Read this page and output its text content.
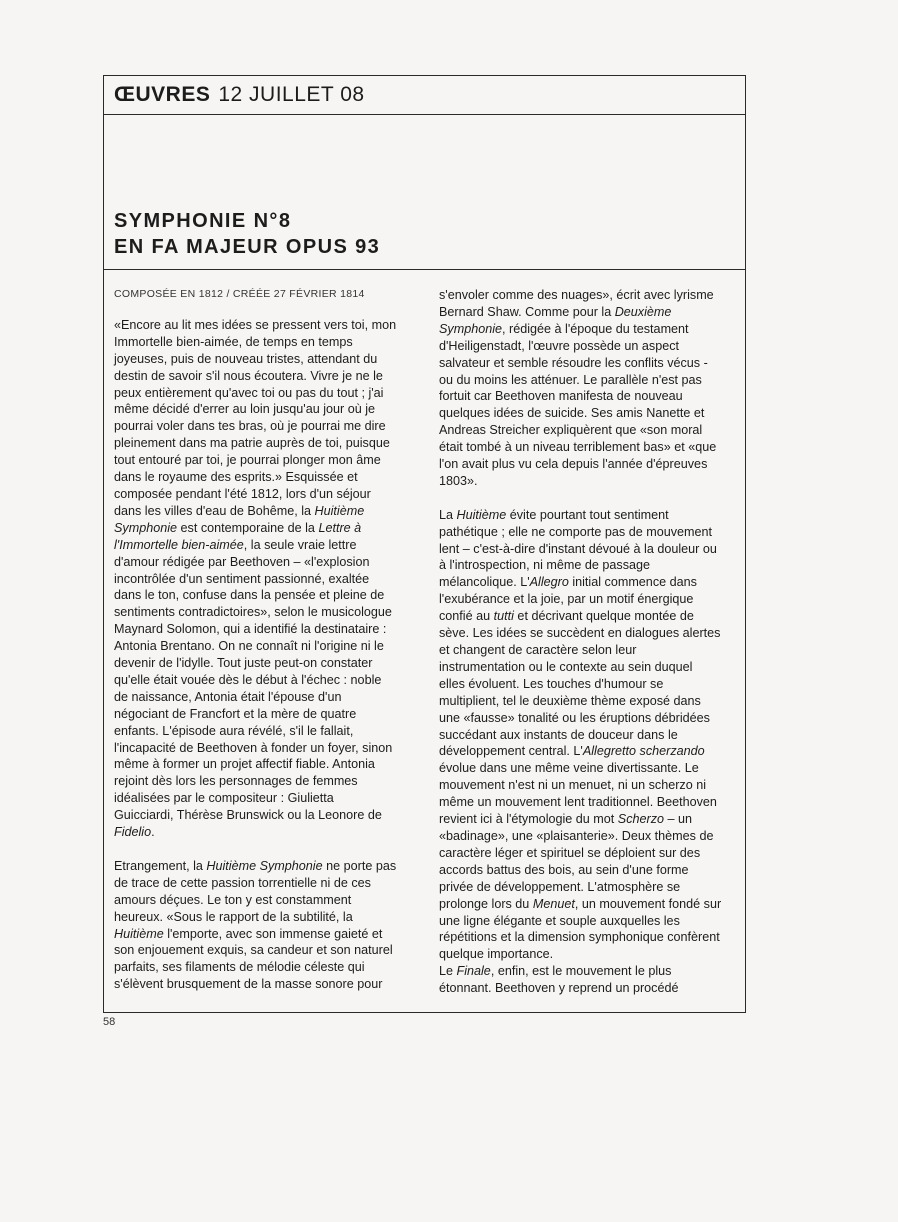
ŒUVRES 12 JUILLET 08
SYMPHONIE N°8
EN FA MAJEUR OPUS 93

COMPOSÉE EN 1812 / CRÉÉE 27 FÉVRIER 1814

«Encore au lit mes idées se pressent vers toi, mon

Immortelle bien-aimée, de temps en temps

joyeuses, puis de nouveau tristes, attendant du

destin de savoir s'il nous écoutera. Vivre je ne le

peux entièrement qu'avec toi ou pas du tout ; j'ai

même décidé d'errer au loin jusqu'au jour où je

pourrai voler dans tes bras, où je pourrai me dire

pleinement dans ma patrie auprès de toi, puisque

tout entouré par toi, je pourrai plonger mon âme

dans le royaume des esprits.» Esquissée et

composée pendant l'été 1812, lors d'un séjour

dans les villes d'eau de Bohême, la Huitième

Symphonie est contemporaine de la Lettre à

l'Immortelle bien-aimée, la seule vraie lettre

d'amour rédigée par Beethoven – «l'explosion

incontrôlée d'un sentiment passionné, exaltée

dans le ton, confuse dans la pensée et pleine de

sentiments contradictoires», selon le musicologue

Maynard Solomon, qui a identifié la destinataire :

Antonia Brentano. On ne connaît ni l'origine ni le

devenir de l'idylle. Tout juste peut-on constater

qu'elle était vouée dès le début à l'échec : noble

de naissance, Antonia était l'épouse d'un

négociant de Francfort et la mère de quatre

enfants. L'épisode aura révélé, s'il le fallait,

l'incapacité de Beethoven à fonder un foyer, sinon

même à former un projet affectif fiable. Antonia

rejoint dès lors les personnages de femmes

idéalisées par le compositeur : Giulietta

Guicciardi, Thérèse Brunswick ou la Leonore de

Fidelio.

Etrangement, la Huitième Symphonie ne porte pas

de trace de cette passion torrentielle ni de ces

amours déçues. Le ton y est constamment

heureux. «Sous le rapport de la subtilité, la

Huitième l'emporte, avec son immense gaieté et

son enjouement exquis, sa candeur et son naturel

parfaits, ses filaments de mélodie céleste qui

s'élèvent brusquement de la masse sonore pour

s'envoler comme des nuages», écrit avec lyrisme

Bernard Shaw. Comme pour la Deuxième

Symphonie, rédigée à l'époque du testament

d'Heiligenstadt, l'œuvre possède un aspect

salvateur et semble résoudre les conflits vécus -

ou du moins les atténuer. Le parallèle n'est pas

fortuit car Beethoven manifesta de nouveau

quelques idées de suicide. Ses amis Nanette et

Andreas Streicher expliquèrent que «son moral

était tombé à un niveau terriblement bas» et «que

l'on avait plus vu cela depuis l'année d'épreuves

1803».

La Huitième évite pourtant tout sentiment

pathétique ; elle ne comporte pas de mouvement

lent – c'est-à-dire d'instant dévoué à la douleur ou

à l'introspection, ni même de passage

mélancolique. L'Allegro initial commence dans

l'exubérance et la joie, par un motif énergique

confié au tutti et décrivant quelque montée de

sève. Les idées se succèdent en dialogues alertes

et changent de caractère selon leur

instrumentation ou le contexte au sein duquel

elles évoluent. Les touches d'humour se

multiplient, tel le deuxième thème exposé dans

une «fausse» tonalité ou les éruptions débridées

succédant aux instants de douceur dans le

développement central. L'Allegretto scherzando

évolue dans une même veine divertissante. Le

mouvement n'est ni un menuet, ni un scherzo ni

même un mouvement lent traditionnel. Beethoven

revient ici à l'étymologie du mot Scherzo – un

«badinage», une «plaisanterie». Deux thèmes de

caractère léger et spirituel se déploient sur des

accords battus des bois, au sein d'une forme

privée de développement. L'atmosphère se

prolonge lors du Menuet, un mouvement fondé sur

une ligne élégante et souple auxquelles les

répétitions et la dimension symphonique confèrent

quelque importance.

Le Finale, enfin, est le mouvement le plus

étonnant. Beethoven y reprend un procédé

58
